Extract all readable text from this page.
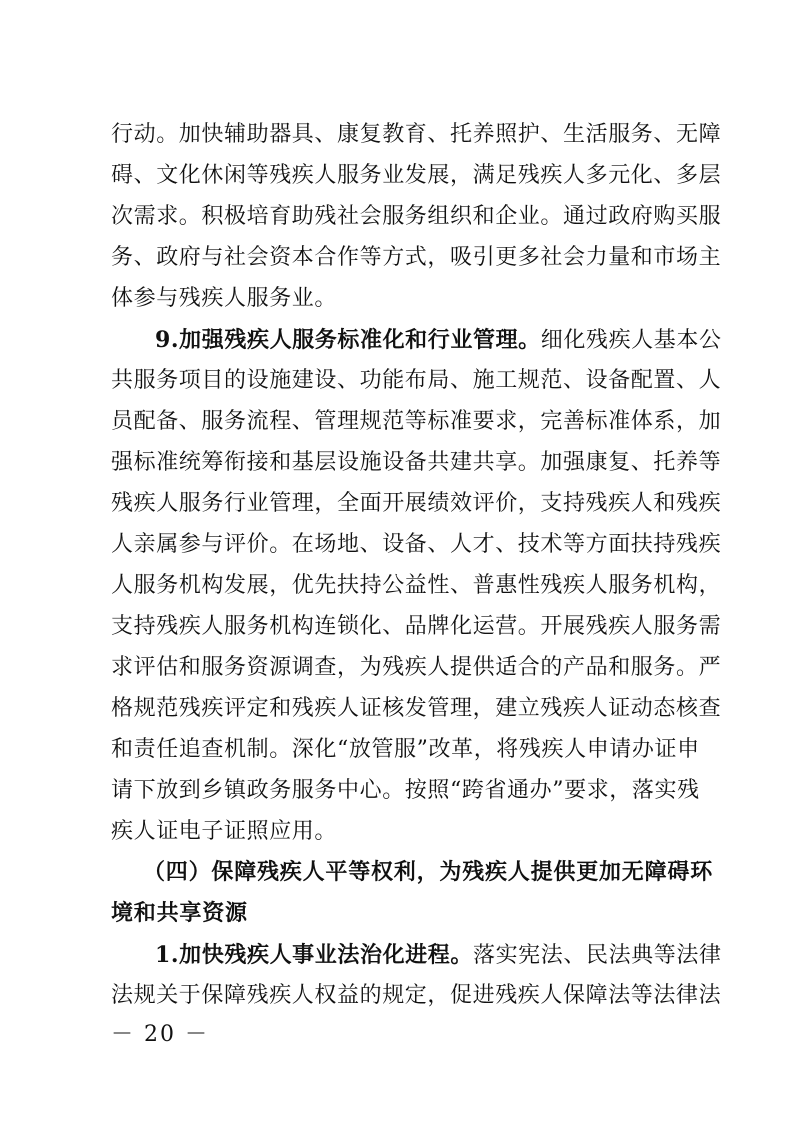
行动。加快辅助器具、康复教育、托养照护、生活服务、无障
碍、文化休闲等残疾人服务业发展，满足残疾人多元化、多层
次需求。积极培育助残社会服务组织和企业。通过政府购买服
务、政府与社会资本合作等方式，吸引更多社会力量和市场主
体参与残疾人服务业。
9.加强残疾人服务标准化和行业管理。细化残疾人基本公
共服务项目的设施建设、功能布局、施工规范、设备配置、人
员配备、服务流程、管理规范等标准要求，完善标准体系，加
强标准统筹衔接和基层设施设备共建共享。加强康复、托养等
残疾人服务行业管理，全面开展绩效评价，支持残疾人和残疾
人亲属参与评价。在场地、设备、人才、技术等方面扶持残疾
人服务机构发展，优先扶持公益性、普惠性残疾人服务机构，
支持残疾人服务机构连锁化、品牌化运营。开展残疾人服务需
求评估和服务资源调查，为残疾人提供适合的产品和服务。严
格规范残疾评定和残疾人证核发管理，建立残疾人证动态核查
和责任追查机制。深化“放管服”改革，将残疾人申请办证申
请下放到乡镇政务服务中心。按照“跨省通办”要求，落实残
疾人证电子证照应用。
（四）保障残疾人平等权利，为残疾人提供更加无障碍环
境和共享资源
1.加快残疾人事业法治化进程。落实宪法、民法典等法律
法规关于保障残疾人权益的规定，促进残疾人保障法等法律法
－ 20 －
